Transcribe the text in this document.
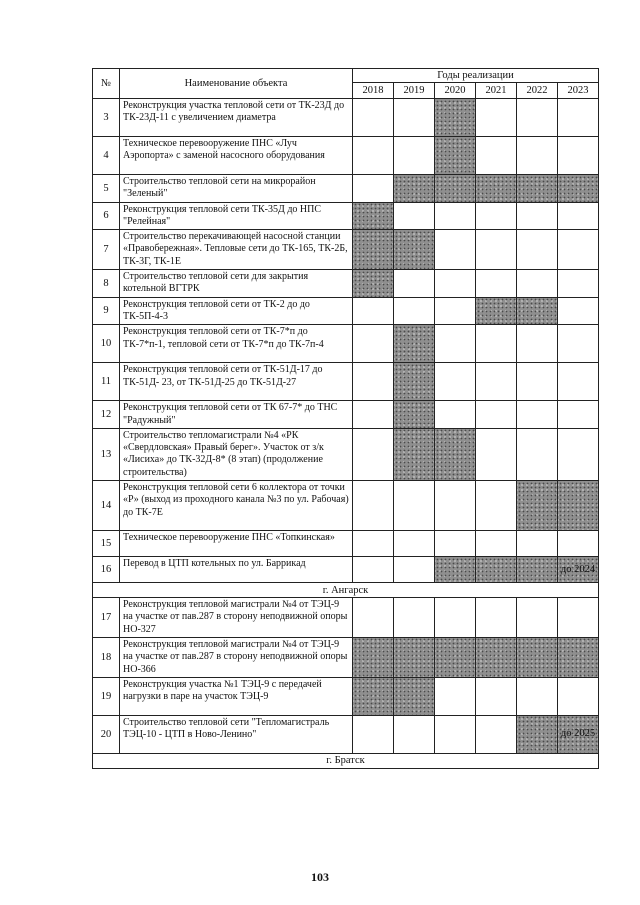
№	Наименование объекта	Годы реализации					
		2018	2019	2020	2021	2022	2023
3	Реконструкция участка тепловой сети от ТК-23Д до ТК-23Д-11 с увеличением диаметра						
4	Техническое перевооружение ПНС «Луч Аэропорта» с заменой насосного оборудования						
5	Строительство тепловой сети на микрорайон "Зеленый"						
6	Реконструкция тепловой сети ТК-35Д до НПС "Релейная"						
7	Строительство перекачивающей насосной станции «Правобережная». Тепловые сети до ТК-165, ТК-2Б, ТК-3Г, ТК-1Е						
8	Строительство тепловой сети для закрытия котельной ВГТРК						
9	Реконструкция тепловой сети от ТК-2 до до ТК-5П-4-3						
10	Реконструкция тепловой сети от ТК-7*п до ТК-7*п-1, тепловой сети от ТК-7*п до ТК-7п-4						
11	Реконструкция тепловой сети от ТК-51Д-17 до ТК-51Д- 23, от ТК-51Д-25 до ТК-51Д-27						
12	Реконструкция тепловой сети от ТК 67-7* до ТНС "Радужный"						
13	Строительство тепломагистрали №4 «РК «Свердловская» Правый берег». Участок от з/к «Лисиха» до ТК-32Д-8* (8 этап) (продолжение строительства)						
14	Реконструкция тепловой сети 6 коллектора от точки «Р» (выход из проходного канала №3 по ул. Рабочая) до ТК-7Е						
15	Техническое перевооружение ПНС «Топкинская»						
16	Перевод в ЦТП котельных по ул. Баррикад						до 2024
г. Ангарск							
17	Реконструкция тепловой магистрали №4 от ТЭЦ-9 на участке от пав.287 в сторону неподвижной опоры НО-327						
18	Реконструкция тепловой магистрали №4 от ТЭЦ-9 на участке от пав.287 в сторону неподвижной опоры НО-366						
19	Реконструкция участка №1 ТЭЦ-9 с передачей нагрузки в паре на участок ТЭЦ-9						
20	Строительство тепловой сети "Тепломагистраль ТЭЦ-10 - ЦТП в Ново-Ленино"						до 2025
г. Братск							
103
